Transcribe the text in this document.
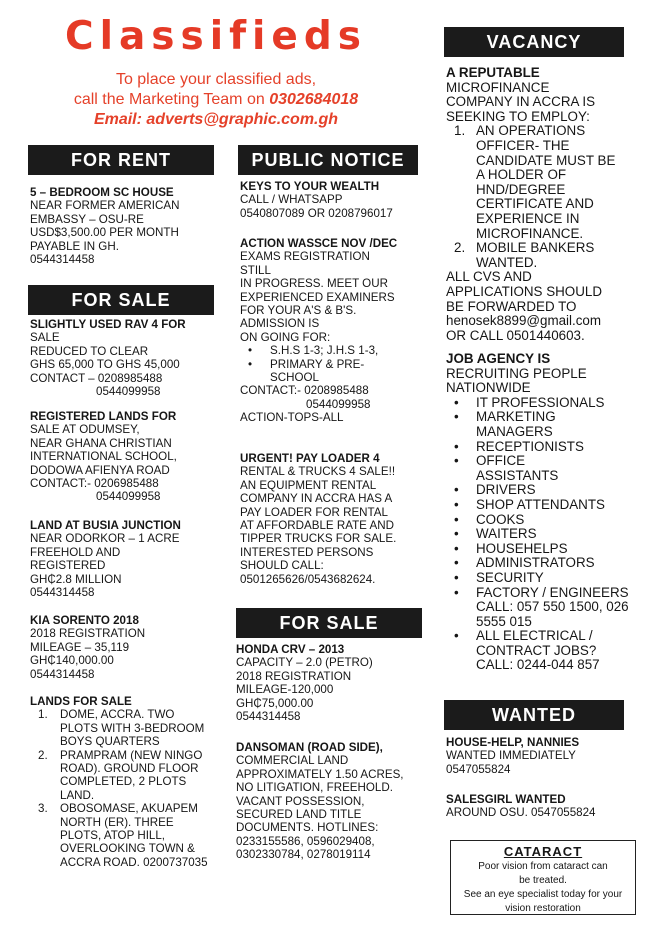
Classifieds
To place your classified ads,
call the Marketing Team on 0302684018
Email: adverts@graphic.com.gh
FOR RENT
5 – BEDROOM SC HOUSE
NEAR FORMER AMERICAN
EMBASSY – OSU-RE
USD$3,500.00 PER MONTH
PAYABLE IN GH.
0544314458
FOR SALE
SLIGHTLY USED RAV 4 FOR
SALE
REDUCED TO CLEAR
GHS 65,000 TO GHS 45,000
CONTACT – 0208985488
0544099958
REGISTERED LANDS FOR
SALE AT ODUMSEY,
NEAR GHANA CHRISTIAN
INTERNATIONAL SCHOOL,
DODOWA AFIENYA ROAD
CONTACT:- 0206985488
0544099958
LAND AT BUSIA JUNCTION
NEAR ODORKOR – 1 ACRE
FREEHOLD AND
REGISTERED
GH₵2.8 MILLION
0544314458
KIA SORENTO 2018
2018 REGISTRATION
MILEAGE – 35,119
GH₵140,000.00
0544314458
LANDS FOR SALE
1.	DOME, ACCRA. TWO PLOTS WITH 3-BEDROOM BOYS QUARTERS
2.	PRAMPRAM (NEW NINGO ROAD). GROUND FLOOR COMPLETED, 2 PLOTS LAND.
3.	OBOSOMASE, AKUAPEM NORTH (ER). THREE PLOTS, ATOP HILL, OVERLOOKING TOWN & ACCRA ROAD. 0200737035
PUBLIC NOTICE
KEYS TO YOUR WEALTH
CALL / WHATSAPP
0540807089 OR 0208796017
ACTION WASSCE NOV /DEC
EXAMS REGISTRATION
STILL
IN PROGRESS. MEET OUR
EXPERIENCED EXAMINERS
FOR YOUR A'S & B'S.
ADMISSION IS
ON GOING FOR:
•	S.H.S 1-3; J.H.S 1-3,
•	PRIMARY & PRE-SCHOOL
CONTACT:- 0208985488
0544099958
ACTION-TOPS-ALL
URGENT! PAY LOADER 4
RENTAL & TRUCKS 4 SALE!!
AN EQUIPMENT RENTAL
COMPANY IN ACCRA HAS A
PAY LOADER FOR RENTAL
AT AFFORDABLE RATE AND
TIPPER TRUCKS FOR SALE.
INTERESTED PERSONS
SHOULD CALL:
0501265626/0543682624.
FOR SALE
HONDA CRV – 2013
CAPACITY – 2.0 (PETRO)
2018 REGISTRATION
MILEAGE-120,000
GH₵75,000.00
0544314458
DANSOMAN (ROAD SIDE),
COMMERCIAL LAND
APPROXIMATELY 1.50 ACRES,
NO LITIGATION, FREEHOLD.
VACANT POSSESSION,
SECURED LAND TITLE
DOCUMENTS. HOTLINES:
0233155586, 0596029408,
0302330784, 0278019114
VACANCY
A REPUTABLE
MICROFINANCE
COMPANY IN ACCRA IS
SEEKING TO EMPLOY:
1. AN OPERATIONS OFFICER- THE CANDIDATE MUST BE A HOLDER OF HND/DEGREE CERTIFICATE AND EXPERIENCE IN MICROFINANCE.
2. MOBILE BANKERS WANTED.
ALL CVS AND
APPLICATIONS SHOULD
BE FORWARDED TO
henosek8899@gmail.com
OR CALL 0501440603.
JOB AGENCY IS
RECRUITING PEOPLE
NATIONWIDE
•	IT PROFESSIONALS
•	MARKETING MANAGERS
•	RECEPTIONISTS
•	OFFICE ASSISTANTS
•	DRIVERS
•	SHOP ATTENDANTS
•	COOKS
•	WAITERS
•	HOUSEHELPS
•	ADMINISTRATORS
•	SECURITY
•	FACTORY / ENGINEERS CALL: 057 550 1500, 026 5555 015
•	ALL ELECTRICAL / CONTRACT JOBS? CALL: 0244-044 857
WANTED
HOUSE-HELP, NANNIES
WANTED IMMEDIATELY
0547055824
SALESGIRL WANTED
AROUND OSU. 0547055824
CATARACT
Poor vision from cataract can
be treated.
See an eye specialist today for your
vision restoration
